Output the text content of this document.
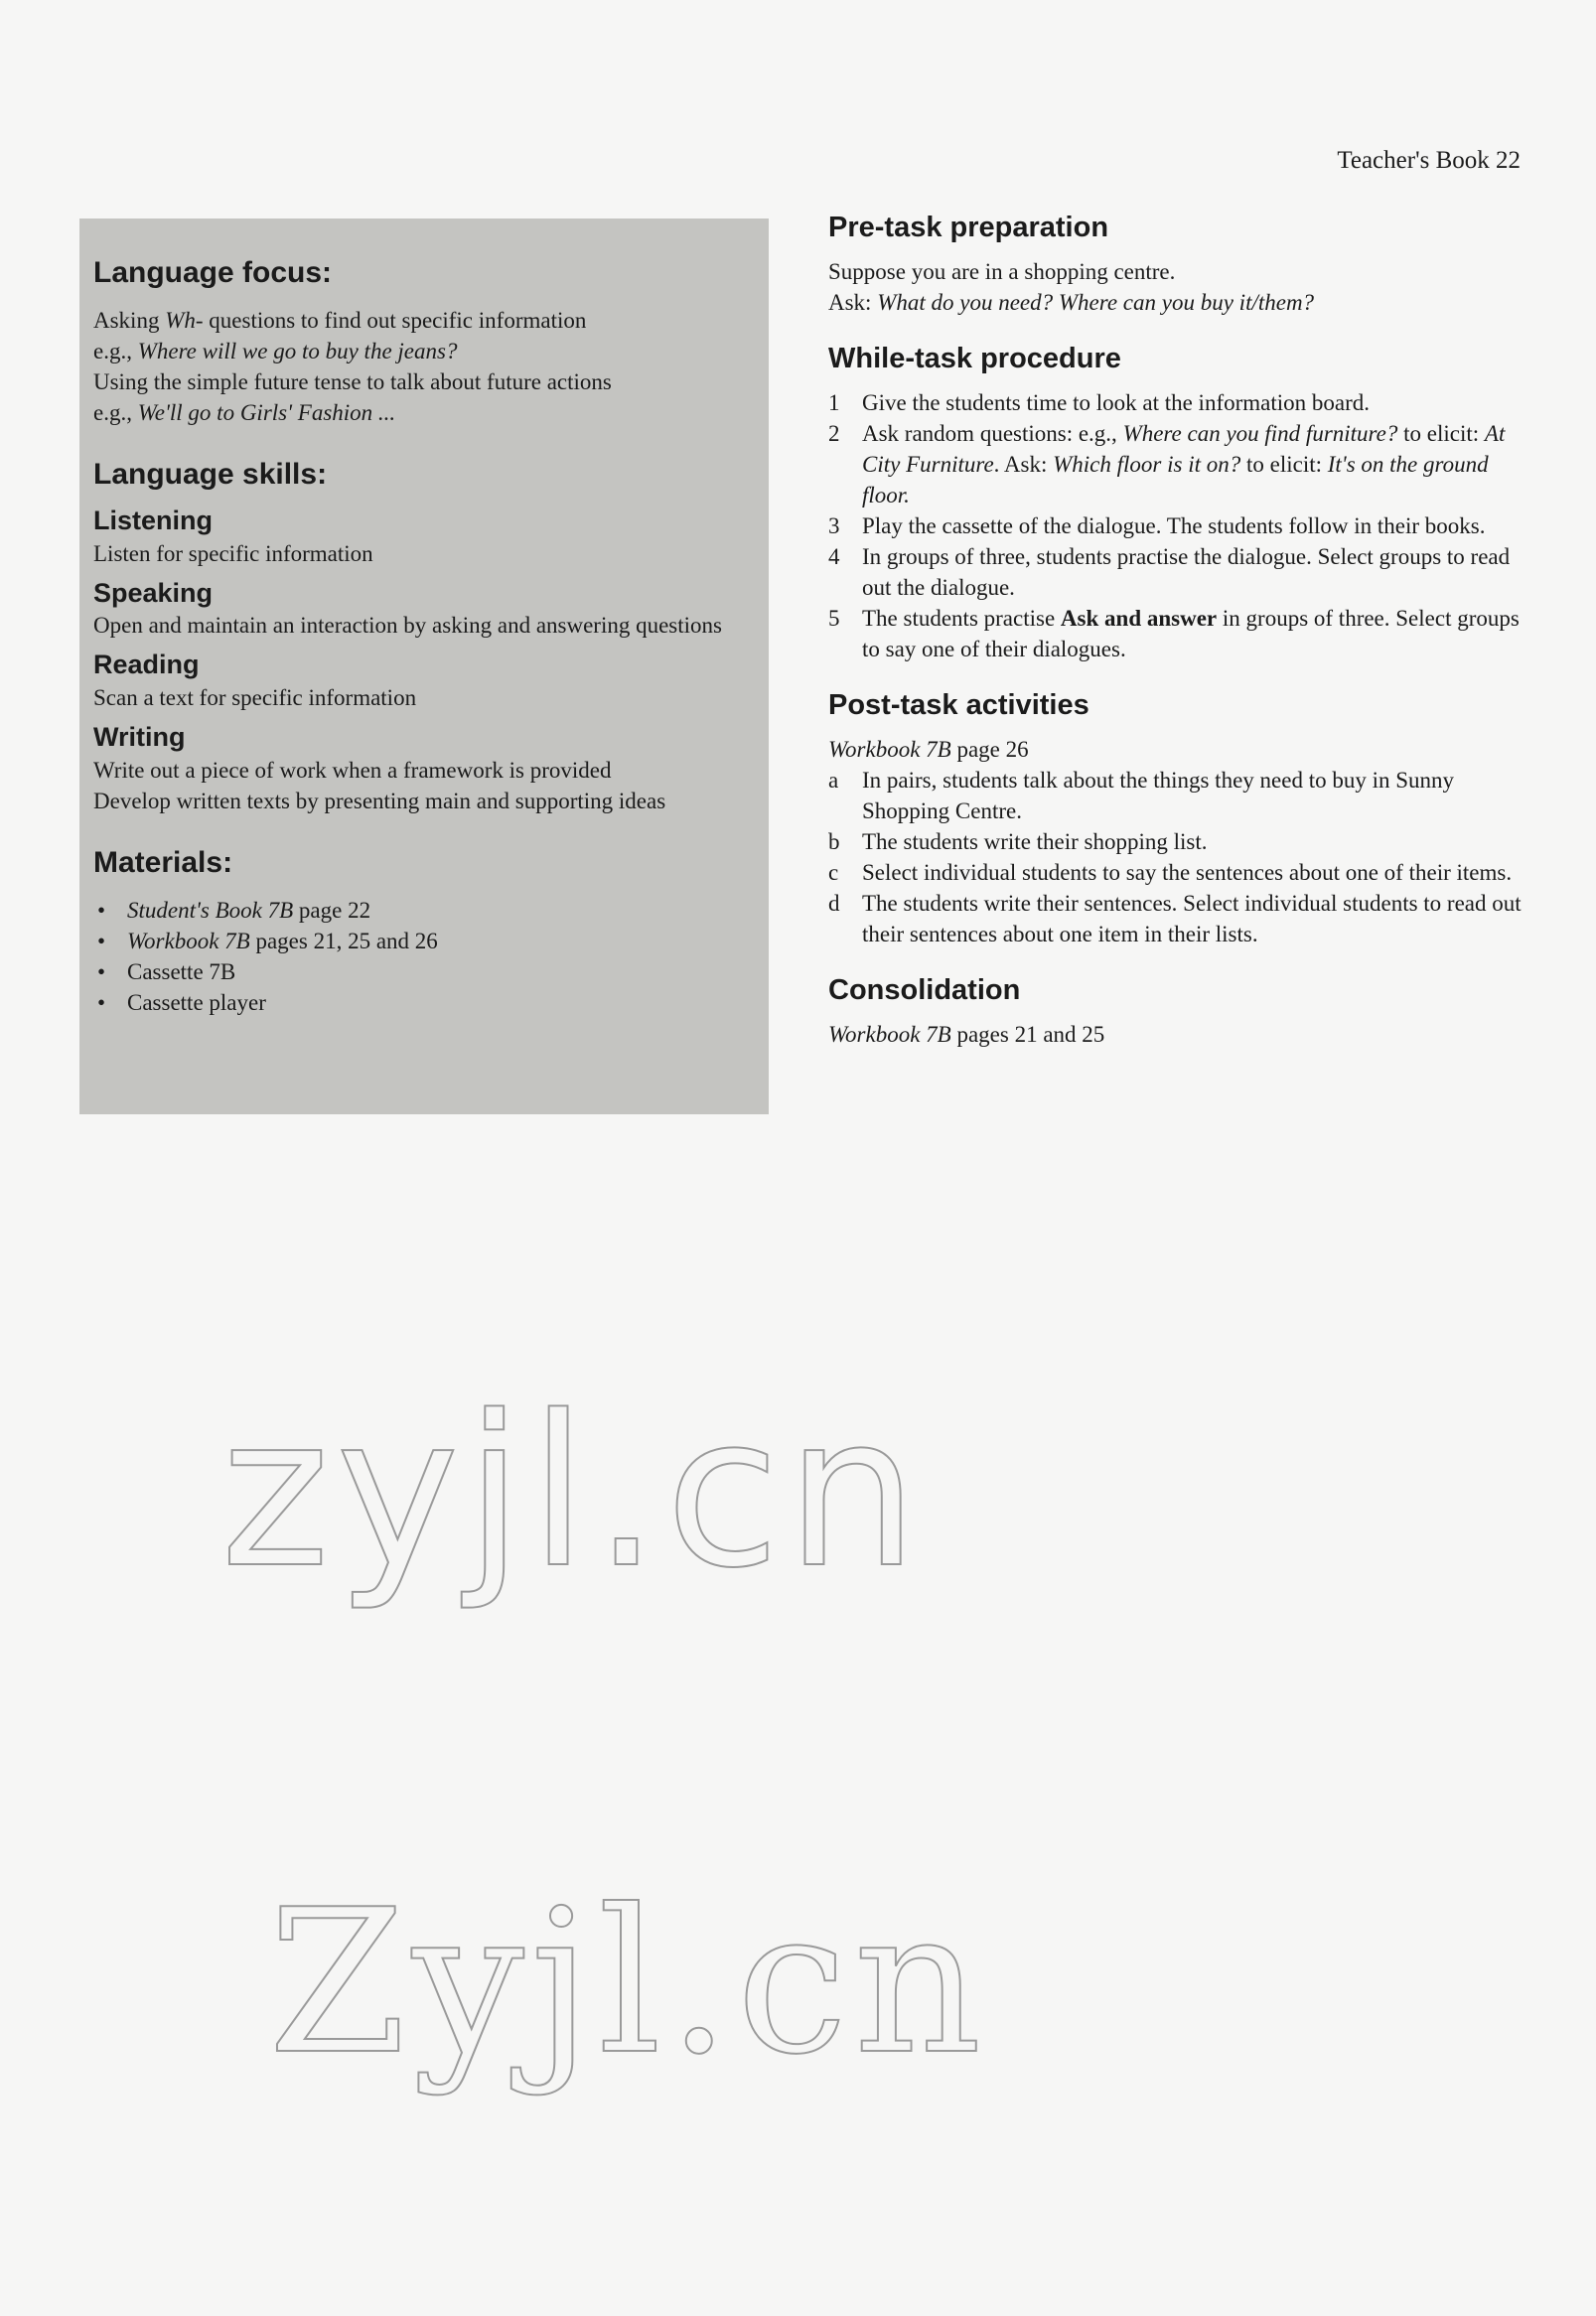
Teacher's Book 22
Language focus:

Asking Wh- questions to find out specific information
e.g., Where will we go to buy the jeans?
Using the simple future tense to talk about future actions
e.g., We'll go to Girls' Fashion ...

Language skills:
Listening

Listen for specific information

Speaking

Open and maintain an interaction by asking and answering questions

Reading

Scan a text for specific information

Writing

Write out a piece of work when a framework is provided
Develop written texts by presenting main and supporting ideas

Materials:
• Student's Book 7B page 22
• Workbook 7B pages 21, 25 and 26
• Cassette 7B
• Cassette player
Pre-task preparation

Suppose you are in a shopping centre.
Ask: What do you need? Where can you buy it/them?

While-task procedure
1 Give the students time to look at the information board.
2 Ask random questions: e.g., Where can you find furniture? to elicit: At City Furniture. Ask: Which floor is it on? to elicit: It's on the ground floor.
3 Play the cassette of the dialogue. The students follow in their books.
4 In groups of three, students practise the dialogue. Select groups to read out the dialogue.
5 The students practise Ask and answer in groups of three. Select groups to say one of their dialogues.
Post-task activities

Workbook 7B page 26

a In pairs, students talk about the things they need to buy in Sunny Shopping Centre.
b The students write their shopping list.
c Select individual students to say the sentences about one of their items.
d The students write their sentences. Select individual students to read out their sentences about one item in their lists.
Consolidation

Workbook 7B pages 21 and 25

zyjl.cn
Zyjl.cn
